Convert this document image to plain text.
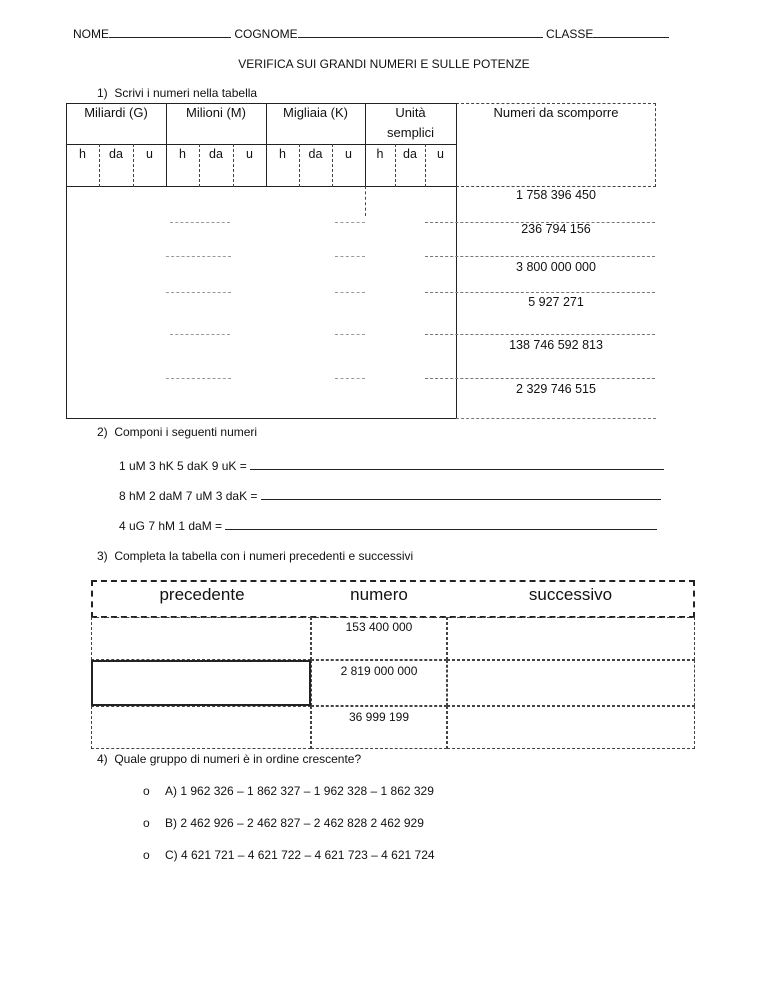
NOME	COGNOME	CLASSE
VERIFICA SUI GRANDI NUMERI E SULLE POTENZE
1) Scrivi i numeri nella tabella
Miliardi (G)	Milioni (M)	Migliaia (K)	Unità
semplici
Numeri da scomporre
h	da	u	h	da	u	h	da	u	h	da	u
1 758 396 450
236 794 156
3 800 000 000
5 927 271
138 746 592 813
2 329 746 515
2) Componi i seguenti numeri
1 uM 3 hK 5 daK 9 uK =
8 hM 2 daM 7 uM 3 daK =
4 uG 7 hM 1 daM =
3) Completa la tabella con i numeri precedenti e successivi
precedente	numero	successivo
153 400 000
2 819 000 000
36 999 199
4) Quale gruppo di numeri è in ordine crescente?
o A) 1 962 326 – 1 862 327 – 1 962 328 – 1 862 329
o B) 2 462 926 – 2 462 827 – 2 462 828 2 462 929
o C) 4 621 721 – 4 621 722 – 4 621 723 – 4 621 724
